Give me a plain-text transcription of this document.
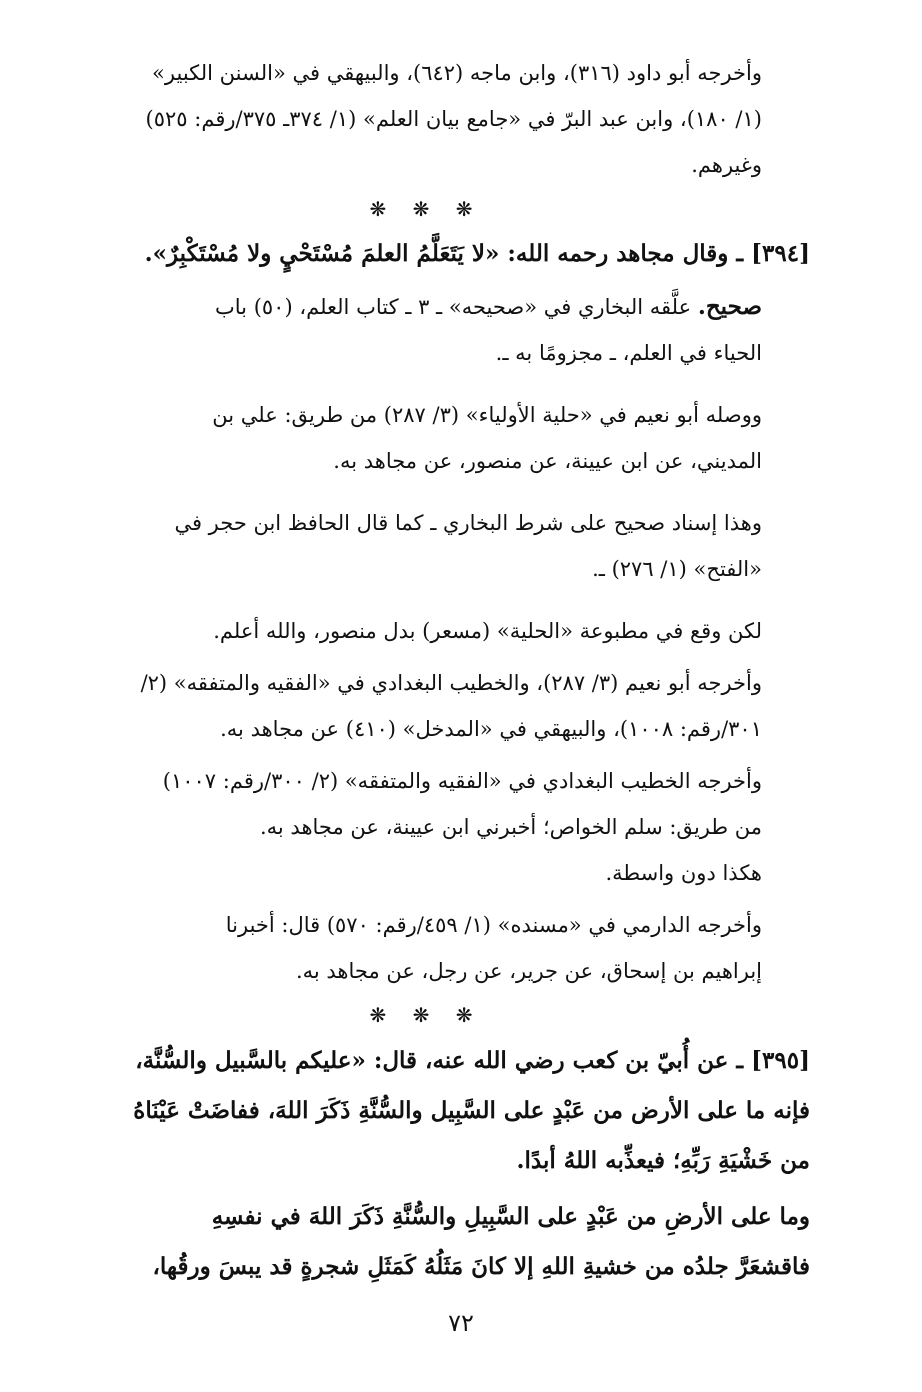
وأخرجه أبو داود (٣١٦)، وابن ماجه (٦٤٢)، والبيهقي في «السنن الكبير»
(١/ ١٨٠)، وابن عبد البرّ في «جامع بيان العلم» (١/ ٣٧٤ـ ٣٧٥/رقم: ٥٢٥)
وغيرهم.

❋ ❋ ❋

[٣٩٤] ـ وقال مجاهد رحمه الله: «لا يَتَعَلَّمُ العلمَ مُسْتَحْيٍ ولا مُسْتَكْبِرٌ».

صحيح. علَّقه البخاري في «صحيحه» ـ ٣ ـ كتاب العلم، (٥٠) باب
الحياء في العلم، ـ مجزومًا به ـ.

ووصله أبو نعيم في «حلية الأولياء» (٣/ ٢٨٧) من طريق: علي بن
المديني، عن ابن عيينة، عن منصور، عن مجاهد به.

وهذا إسناد صحيح على شرط البخاري ـ كما قال الحافظ ابن حجر في
«الفتح» (١/ ٢٧٦) ـ.

لكن وقع في مطبوعة «الحلية» (مسعر) بدل منصور، والله أعلم.

وأخرجه أبو نعيم (٣/ ٢٨٧)، والخطيب البغدادي في «الفقيه والمتفقه» (٢/
٣٠١/رقم: ١٠٠٨)، والبيهقي في «المدخل» (٤١٠) عن مجاهد به.

وأخرجه الخطيب البغدادي في «الفقيه والمتفقه» (٢/ ٣٠٠/رقم: ١٠٠٧)
من طريق: سلم الخواص؛ أخبرني ابن عيينة، عن مجاهد به.

هكذا دون واسطة.

وأخرجه الدارمي في «مسنده» (١/ ٤٥٩/رقم: ٥٧٠) قال: أخبرنا
إبراهيم بن إسحاق، عن جرير، عن رجل، عن مجاهد به.

❋ ❋ ❋

[٣٩٥] ـ عن أُبيّ بن كعب رضي الله عنه، قال: «عليكم بالسَّبيل والسُّنَّة،
فإنه ما على الأرض من عَبْدٍ على السَّبِيل والسُّنَّةِ ذَكَرَ اللهَ، ففاضَتْ عَيْنَاهُ
من خَشْيَةِ رَبِّهِ؛ فيعذِّبه اللهُ أبدًا.

وما على الأرضِ من عَبْدٍ على السَّبِيلِ والسُّنَّةِ ذَكَرَ اللهَ في نفسِهِ
فاقشعَرَّ جلدُه من خشيةِ اللهِ إلا كانَ مَثَلُهُ كَمَثَلِ شجرةٍ قد يبسَ ورقُها،

٧٢
